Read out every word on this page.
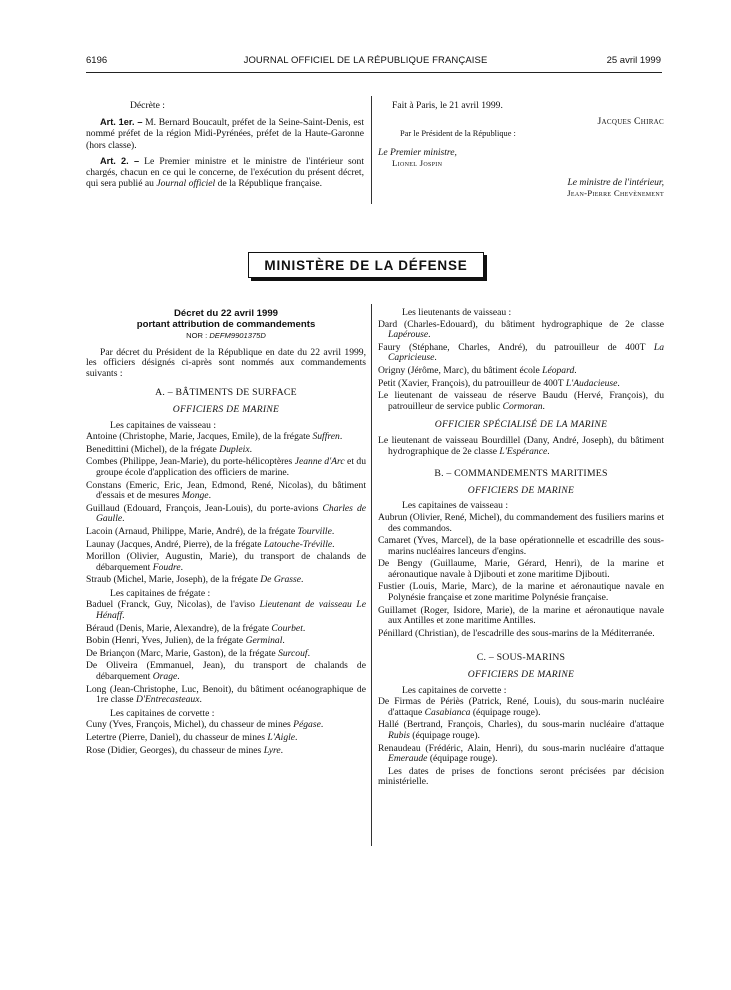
6196	JOURNAL OFFICIEL DE LA RÉPUBLIQUE FRANÇAISE	25 avril 1999

Décrète :

Art. 1er. – M. Bernard Boucault, préfet de la Seine-Saint-Denis, est nommé préfet de la région Midi-Pyrénées, préfet de la Haute-Garonne (hors classe).

Art. 2. – Le Premier ministre et le ministre de l'intérieur sont chargés, chacun en ce qui le concerne, de l'exécution du présent décret, qui sera publié au Journal officiel de la République française.

Fait à Paris, le 21 avril 1999.
Jacques Chirac
Par le Président de la République :
Le Premier ministre,
Lionel Jospin
Le ministre de l'intérieur,
Jean-Pierre Chevènement
MINISTÈRE DE LA DÉFENSE
Décret du 22 avril 1999
portant attribution de commandements
NOR : DEFM9901375D

Par décret du Président de la République en date du 22 avril 1999, les officiers désignés ci-après sont nommés aux commandements suivants :

A. – BÂTIMENTS DE SURFACE
OFFICIERS DE MARINE
Les capitaines de vaisseau :
Antoine (Christophe, Marie, Jacques, Emile), de la frégate Suffren.
Benedittini (Michel), de la frégate Dupleix.
Combes (Philippe, Jean-Marie), du porte-hélicoptères Jeanne d'Arc et du groupe école d'application des officiers de marine.
Constans (Emeric, Eric, Jean, Edmond, René, Nicolas), du bâtiment d'essais et de mesures Monge.
Guillaud (Edouard, François, Jean-Louis), du porte-avions Charles de Gaulle.
Lacoin (Arnaud, Philippe, Marie, André), de la frégate Tourville.
Launay (Jacques, André, Pierre), de la frégate Latouche-Tréville.
Morillon (Olivier, Augustin, Marie), du transport de chalands de débarquement Foudre.
Straub (Michel, Marie, Joseph), de la frégate De Grasse.
Les capitaines de frégate :
Baduel (Franck, Guy, Nicolas), de l'aviso Lieutenant de vaisseau Le Hénaff.
Béraud (Denis, Marie, Alexandre), de la frégate Courbet.
Bobin (Henri, Yves, Julien), de la frégate Germinal.
De Briançon (Marc, Marie, Gaston), de la frégate Surcouf.
De Oliveira (Emmanuel, Jean), du transport de chalands de débarquement Orage.
Long (Jean-Christophe, Luc, Benoit), du bâtiment océanographique de 1re classe D'Entrecasteaux.
Les capitaines de corvette :
Cuny (Yves, François, Michel), du chasseur de mines Pégase.
Letertre (Pierre, Daniel), du chasseur de mines L'Aigle.
Rose (Didier, Georges), du chasseur de mines Lyre.
Les lieutenants de vaisseau :
Dard (Charles-Edouard), du bâtiment hydrographique de 2e classe Lapérouse.
Faury (Stéphane, Charles, André), du patrouilleur de 400T La Capricieuse.
Origny (Jérôme, Marc), du bâtiment école Léopard.
Petit (Xavier, François), du patrouilleur de 400T L'Audacieuse.
Le lieutenant de vaisseau de réserve Baudu (Hervé, François), du patrouilleur de service public Cormoran.
OFFICIER SPÉCIALISÉ DE LA MARINE
Le lieutenant de vaisseau Bourdillel (Dany, André, Joseph), du bâtiment hydrographique de 2e classe L'Espérance.
B. – COMMANDEMENTS MARITIMES
OFFICIERS DE MARINE
Les capitaines de vaisseau :
Aubrun (Olivier, René, Michel), du commandement des fusiliers marins et des commandos.
Camaret (Yves, Marcel), de la base opérationnelle et escadrille des sous-marins nucléaires lanceurs d'engins.
De Bengy (Guillaume, Marie, Gérard, Henri), de la marine et aéronautique navale à Djibouti et zone maritime Djibouti.
Fustier (Louis, Marie, Marc), de la marine et aéronautique navale en Polynésie française et zone maritime Polynésie française.
Guillamet (Roger, Isidore, Marie), de la marine et aéronautique navale aux Antilles et zone maritime Antilles.
Pénillard (Christian), de l'escadrille des sous-marins de la Méditerranée.
C. – SOUS-MARINS
OFFICIERS DE MARINE
Les capitaines de corvette :
De Firmas de Périès (Patrick, René, Louis), du sous-marin nucléaire d'attaque Casabianca (équipage rouge).
Hallé (Bertrand, François, Charles), du sous-marin nucléaire d'attaque Rubis (équipage rouge).
Renaudeau (Frédéric, Alain, Henri), du sous-marin nucléaire d'attaque Emeraude (équipage rouge).

Les dates de prises de fonctions seront précisées par décision ministérielle.
